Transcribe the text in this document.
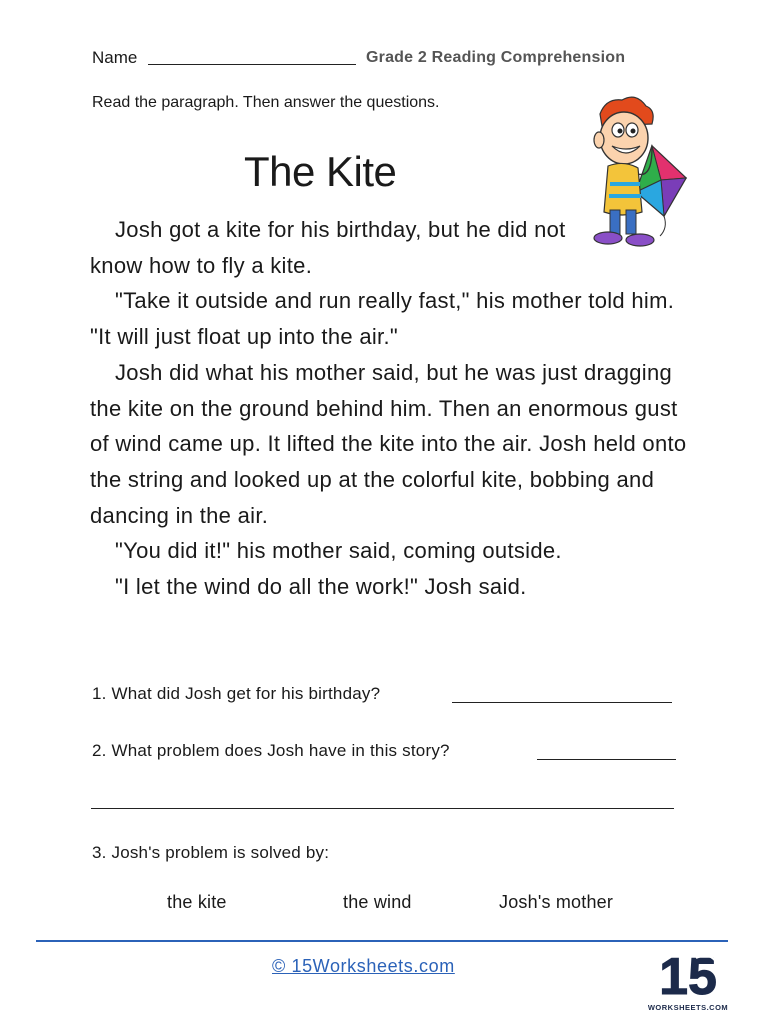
Name	Grade 2 Reading Comprehension
Read the paragraph. Then answer the questions.
The Kite

Josh got a kite for his birthday, but he did not know how to fly a kite.

"Take it outside and run really fast," his mother told him. "It will just float up into the air."

Josh did what his mother said, but he was just dragging the kite on the ground behind him. Then an enormous gust of wind came up. It lifted the kite into the air. Josh held onto the string and looked up at the colorful kite, bobbing and dancing in the air.

"You did it!" his mother said, coming outside.

"I let the wind do all the work!" Josh said.

1. What did Josh get for his birthday?
2. What problem does Josh have in this story?
3. Josh's problem is solved by:
the kite	the wind	Josh's mother
© 15Worksheets.com	15
WORKSHEETS.COM
